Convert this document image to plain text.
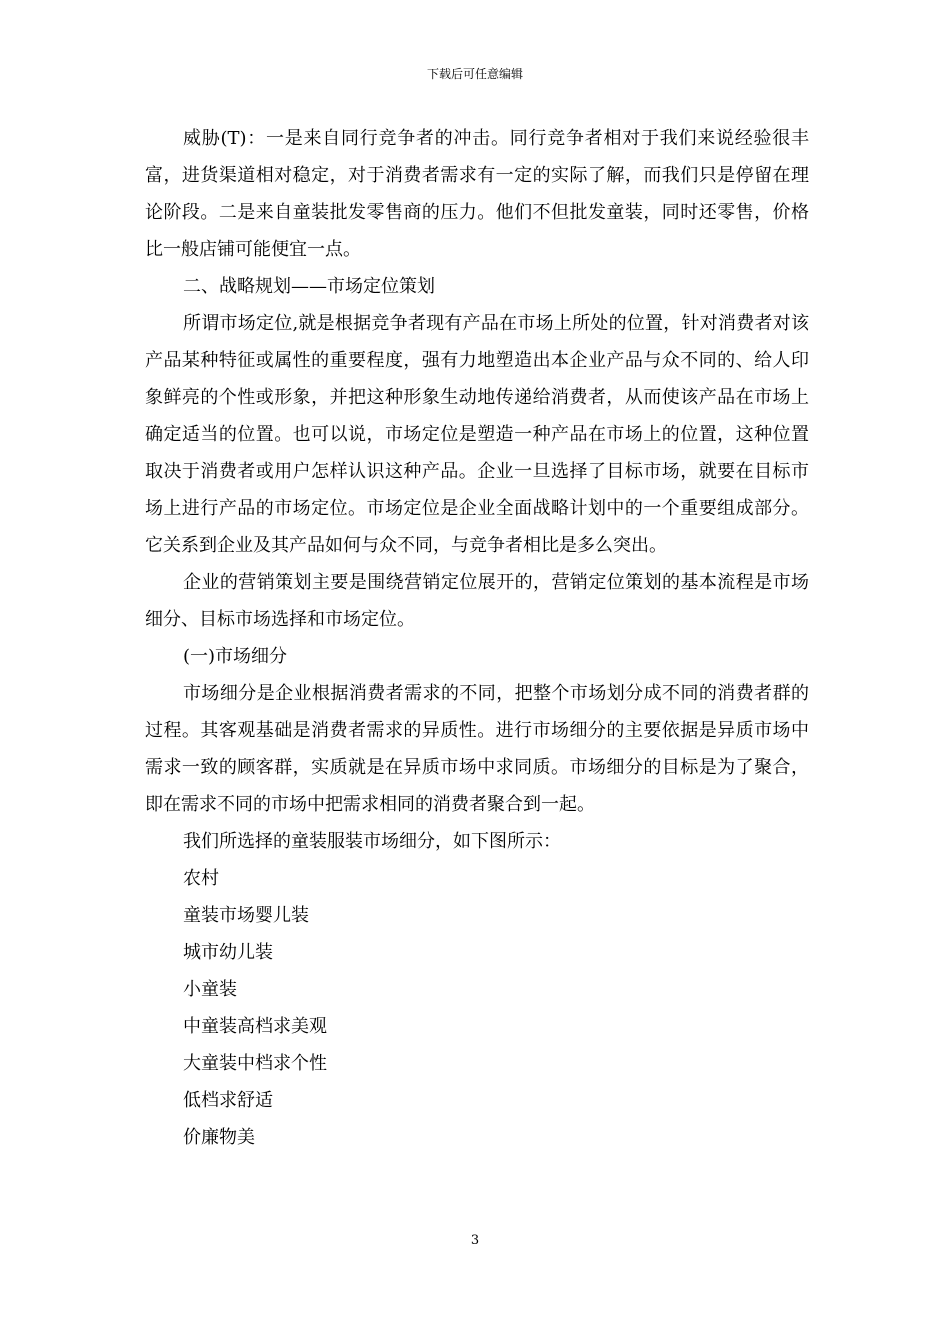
下载后可任意编辑

威胁(T)：一是来自同行竞争者的冲击。同行竞争者相对于我们来说经验很丰富，进货渠道相对稳定，对于消费者需求有一定的实际了解，而我们只是停留在理论阶段。二是来自童装批发零售商的压力。他们不但批发童装，同时还零售，价格比一般店铺可能便宜一点。

二、战略规划——市场定位策划

所谓市场定位,就是根据竞争者现有产品在市场上所处的位置，针对消费者对该产品某种特征或属性的重要程度，强有力地塑造出本企业产品与众不同的、给人印象鲜亮的个性或形象，并把这种形象生动地传递给消费者，从而使该产品在市场上确定适当的位置。也可以说，市场定位是塑造一种产品在市场上的位置，这种位置取决于消费者或用户怎样认识这种产品。企业一旦选择了目标市场，就要在目标市场上进行产品的市场定位。市场定位是企业全面战略计划中的一个重要组成部分。它关系到企业及其产品如何与众不同，与竞争者相比是多么突出。

企业的营销策划主要是围绕营销定位展开的，营销定位策划的基本流程是市场细分、目标市场选择和市场定位。

(一)市场细分

市场细分是企业根据消费者需求的不同，把整个市场划分成不同的消费者群的过程。其客观基础是消费者需求的异质性。进行市场细分的主要依据是异质市场中需求一致的顾客群，实质就是在异质市场中求同质。市场细分的目标是为了聚合，即在需求不同的市场中把需求相同的消费者聚合到一起。

我们所选择的童装服装市场细分，如下图所示：

农村

童装市场婴儿装

城市幼儿装

小童装

中童装高档求美观

大童装中档求个性

低档求舒适

价廉物美

3
